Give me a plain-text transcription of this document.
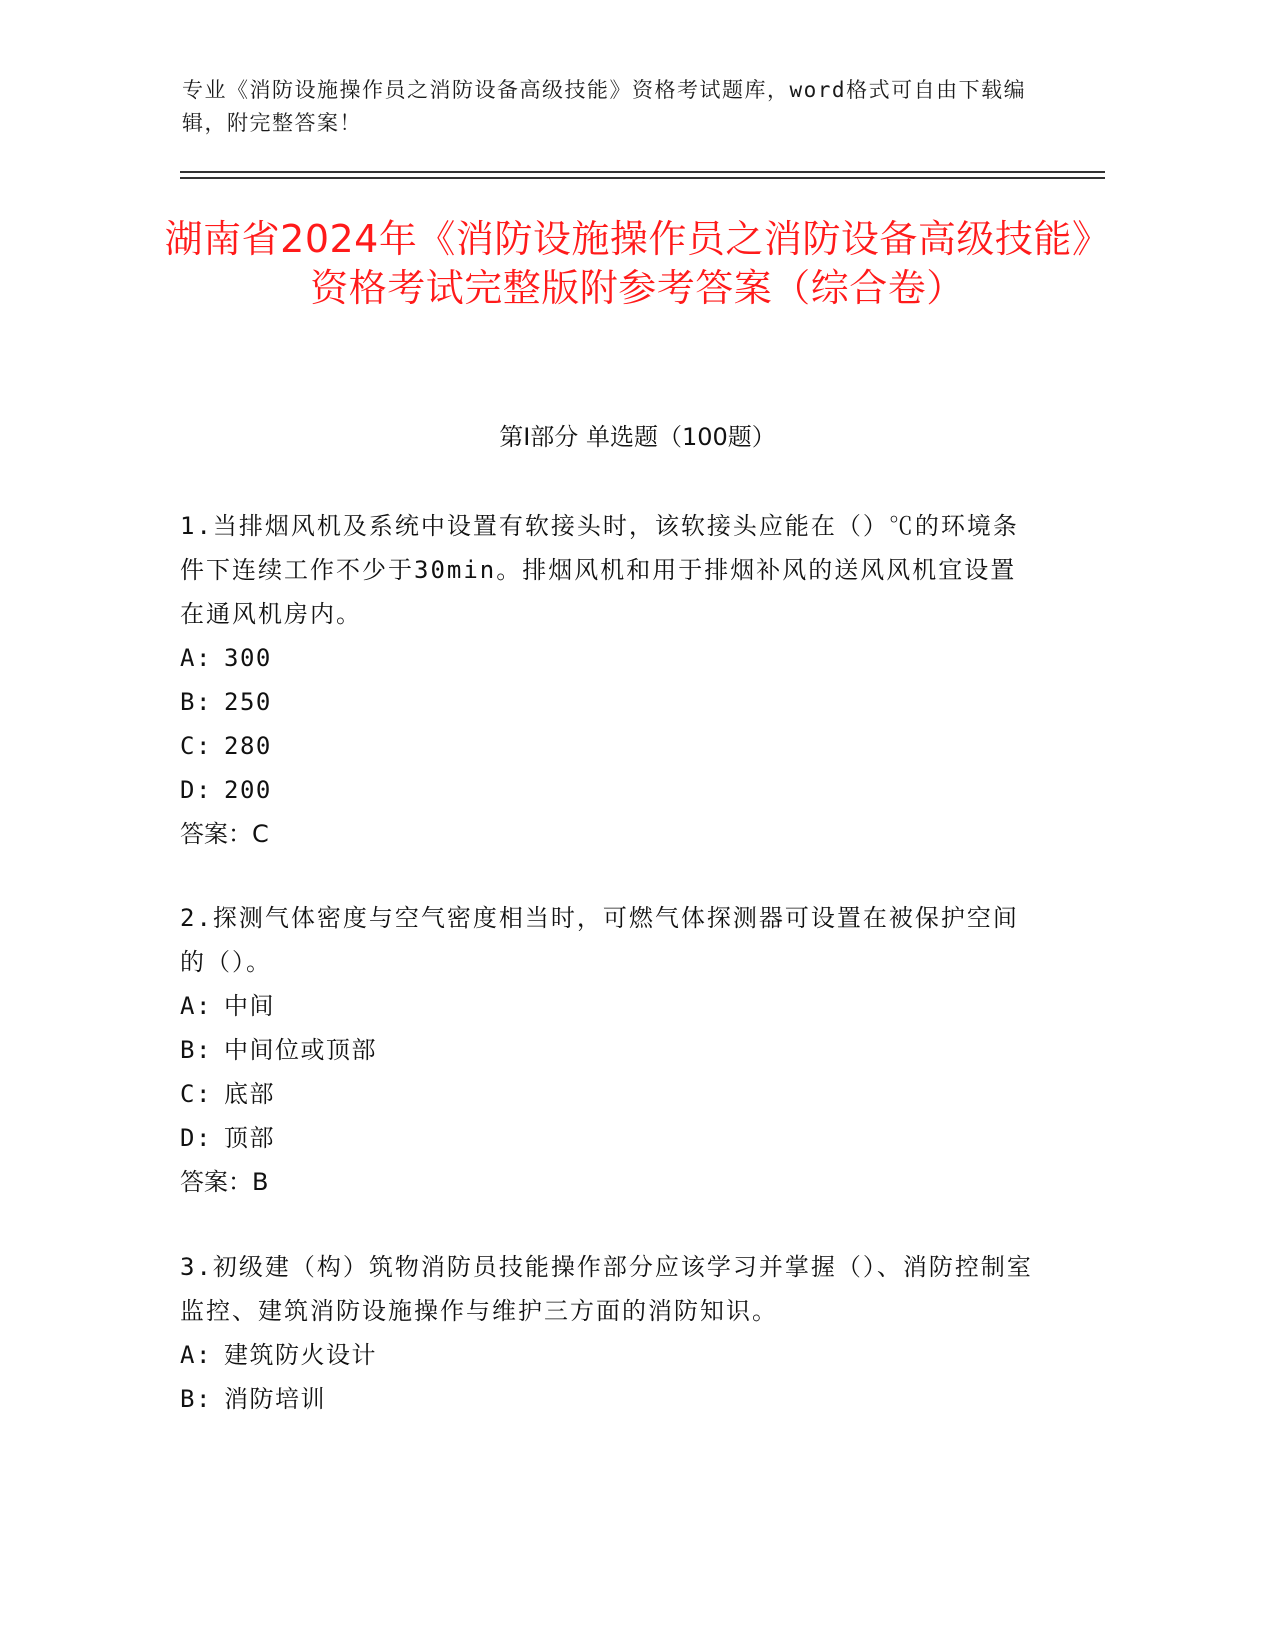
专业《消防设施操作员之消防设备高级技能》资格考试题库，word格式可自由下载编辑，附完整答案！
湖南省2024年《消防设施操作员之消防设备高级技能》资格考试完整版附参考答案（综合卷）
第Ⅰ部分 单选题（100题）

1.当排烟风机及系统中设置有软接头时，该软接头应能在（）℃的环境条件下连续工作不少于30min。排烟风机和用于排烟补风的送风风机宜设置在通风机房内。

A: 300

B: 250

C: 280

D: 200

答案：C

2.探测气体密度与空气密度相当时，可燃气体探测器可设置在被保护空间的（）。

A: 中间

B: 中间位或顶部

C: 底部

D: 顶部

答案：B

3.初级建（构）筑物消防员技能操作部分应该学习并掌握（）、消防控制室监控、建筑消防设施操作与维护三方面的消防知识。

A: 建筑防火设计

B: 消防培训
